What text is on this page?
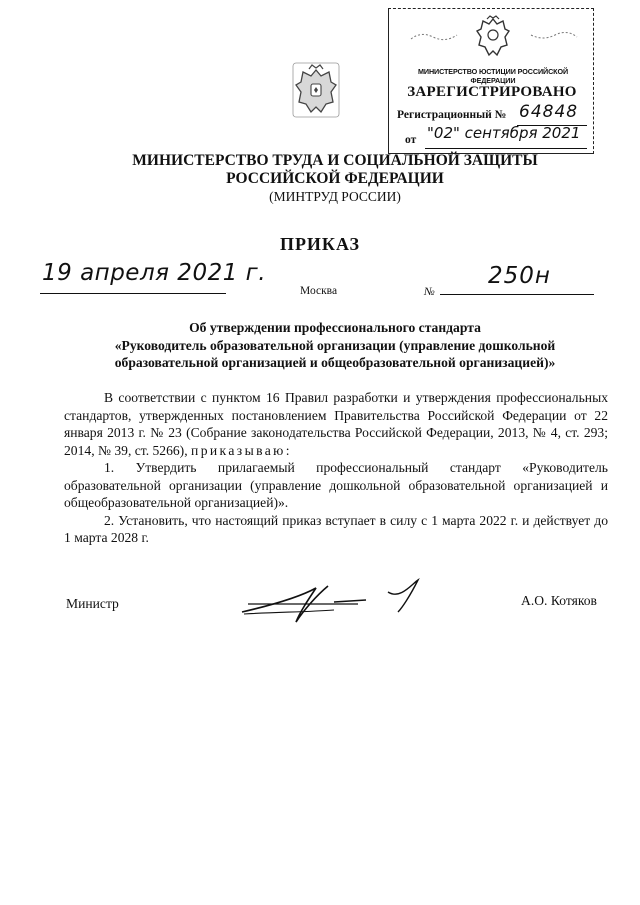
МИНИСТЕРСТВО ЮСТИЦИИ РОССИЙСКОЙ ФЕДЕРАЦИИ
ЗАРЕГИСТРИРОВАНО
Регистрационный № 64848
от "02" сентября 2021
МИНИСТЕРСТВО ТРУДА И СОЦИАЛЬНОЙ ЗАЩИТЫ
РОССИЙСКОЙ ФЕДЕРАЦИИ
(МИНТРУД РОССИИ)
ПРИКАЗ
19 апреля 2021 г.
Москва	№
250н
Об утверждении профессионального стандарта
«Руководитель образовательной организации (управление дошкольной
образовательной организацией и общеобразовательной организацией)»

В соответствии с пунктом 16 Правил разработки и утверждения профессиональных стандартов, утвержденных постановлением Правительства Российской Федерации от 22 января 2013 г. № 23 (Собрание законодательства Российской Федерации, 2013, № 4, ст. 293; 2014, № 39, ст. 5266), приказываю:

1. Утвердить прилагаемый профессиональный стандарт «Руководитель образовательной организации (управление дошкольной образовательной организацией и общеобразовательной организацией)».

2. Установить, что настоящий приказ вступает в силу с 1 марта 2022 г. и действует до 1 марта 2028 г.

Министр	А.О. Котяков
